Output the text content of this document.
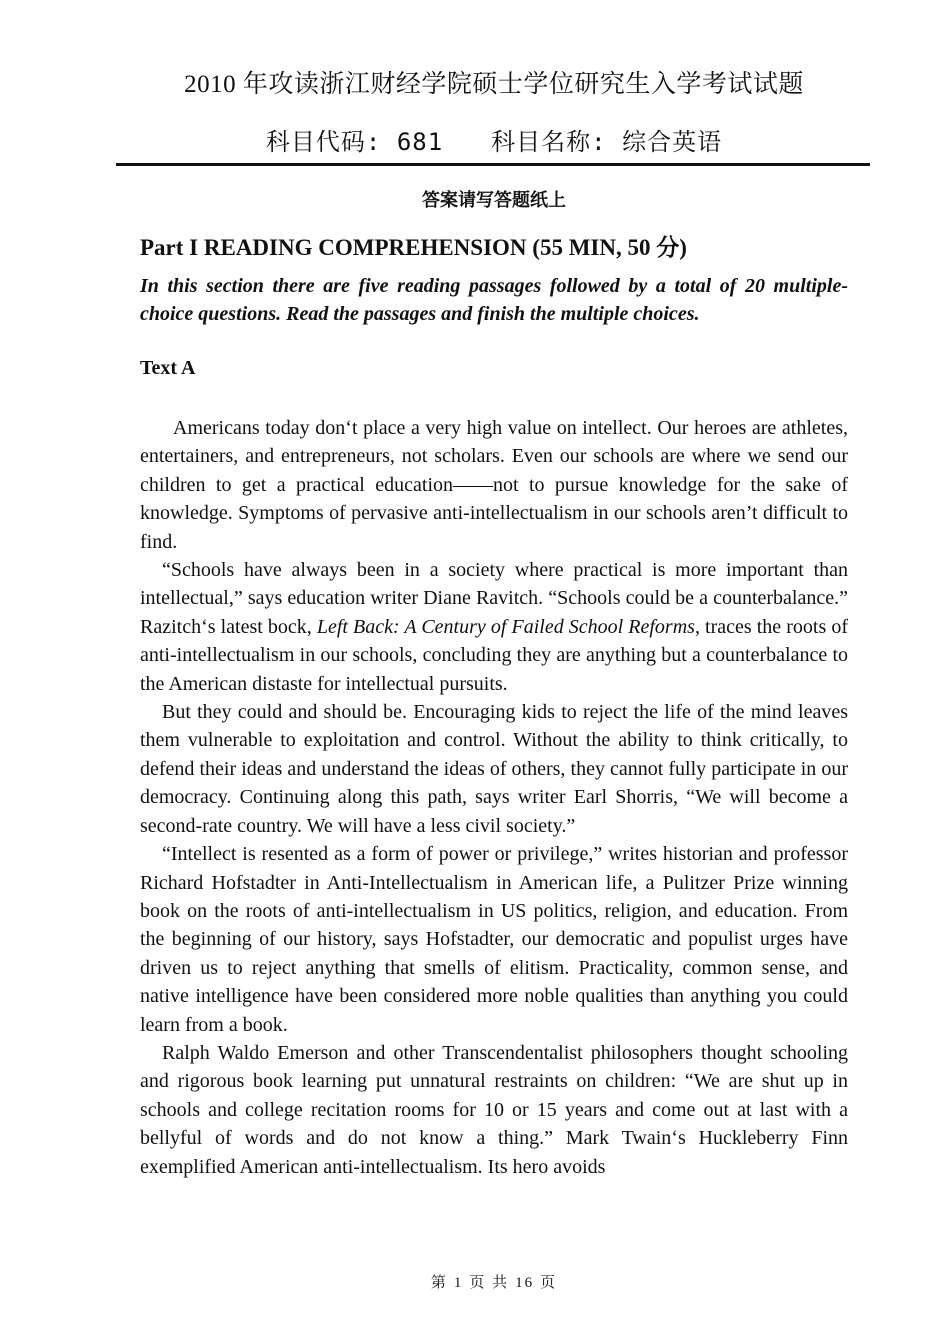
2010 年攻读浙江财经学院硕士学位研究生入学考试试题
科目代码: 681 科目名称: 综合英语
答案请写答题纸上
Part I READING COMPREHENSION (55 MIN, 50 分)
In this section there are five reading passages followed by a total of 20 multiple-choice questions. Read the passages and finish the multiple choices.
Text A

Americans today don‘t place a very high value on intellect. Our heroes are athletes, entertainers, and entrepreneurs, not scholars. Even our schools are where we send our children to get a practical education——not to pursue knowledge for the sake of knowledge. Symptoms of pervasive anti-intellectualism in our schools aren’t difficult to find.

“Schools have always been in a society where practical is more important than intellectual,” says education writer Diane Ravitch. “Schools could be a counterbalance.” Razitch‘s latest bock, Left Back: A Century of Failed School Reforms, traces the roots of anti-intellectualism in our schools, concluding they are anything but a counterbalance to the American distaste for intellectual pursuits.

But they could and should be. Encouraging kids to reject the life of the mind leaves them vulnerable to exploitation and control. Without the ability to think critically, to defend their ideas and understand the ideas of others, they cannot fully participate in our democracy. Continuing along this path, says writer Earl Shorris, “We will become a second-rate country. We will have a less civil society.”

“Intellect is resented as a form of power or privilege,” writes historian and professor Richard Hofstadter in Anti-Intellectualism in American life, a Pulitzer Prize winning book on the roots of anti-intellectualism in US politics, religion, and education. From the beginning of our history, says Hofstadter, our democratic and populist urges have driven us to reject anything that smells of elitism. Practicality, common sense, and native intelligence have been considered more noble qualities than anything you could learn from a book.

Ralph Waldo Emerson and other Transcendentalist philosophers thought schooling and rigorous book learning put unnatural restraints on children: “We are shut up in schools and college recitation rooms for 10 or 15 years and come out at last with a bellyful of words and do not know a thing.” Mark Twain‘s Huckleberry Finn exemplified American anti-intellectualism. Its hero avoids

第 1 页 共 16 页
